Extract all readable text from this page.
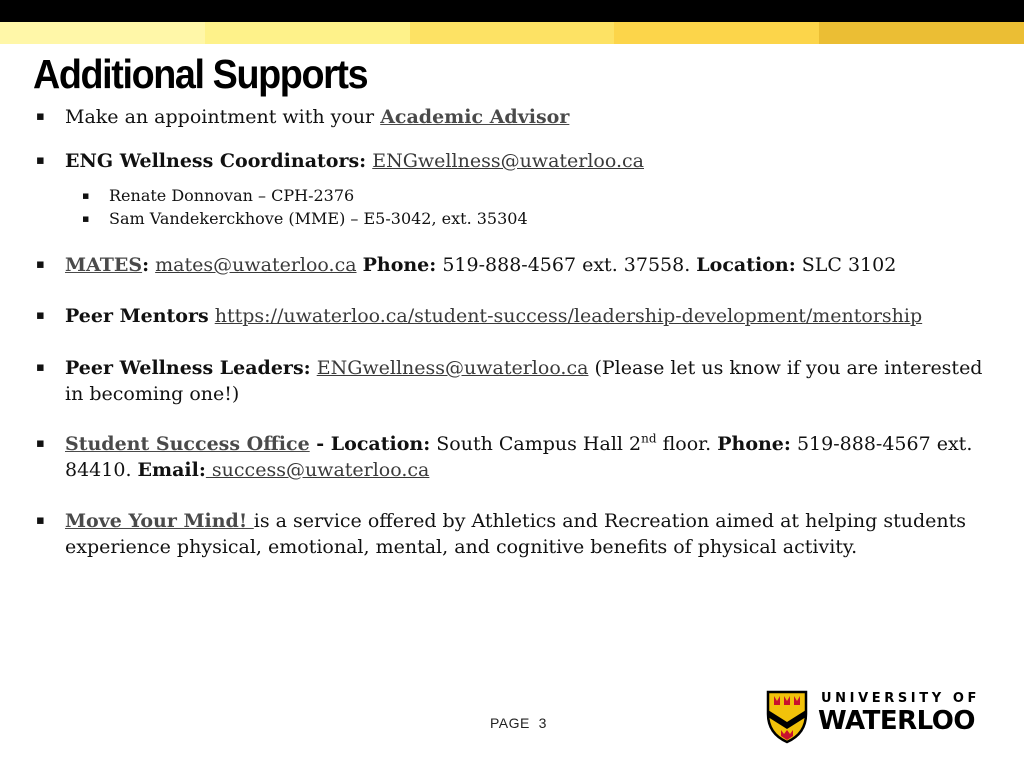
Additional Supports
▪	Make an appointment with your Academic Advisor
▪	ENG Wellness Coordinators: ENGwellness@uwaterloo.ca
▪	Renate Donnovan – CPH-2376
▪	Sam Vandekerckhove (MME) – E5-3042, ext. 35304
▪	MATES: mates@uwaterloo.ca Phone: 519-888-4567 ext. 37558. Location: SLC 3102
▪	Peer Mentors https://uwaterloo.ca/student-success/leadership-development/mentorship
▪	Peer Wellness Leaders: ENGwellness@uwaterloo.ca (Please let us know if you are interested in becoming one!)
▪	Student Success Office - Location: South Campus Hall 2nd floor. Phone: 519-888-4567 ext. 84410. Email: success@uwaterloo.ca
▪	Move Your Mind! is a service offered by Athletics and Recreation aimed at helping students experience physical, emotional, mental, and cognitive benefits of physical activity.
PAGE 3
UNIVERSITY OF
WATERLOO
